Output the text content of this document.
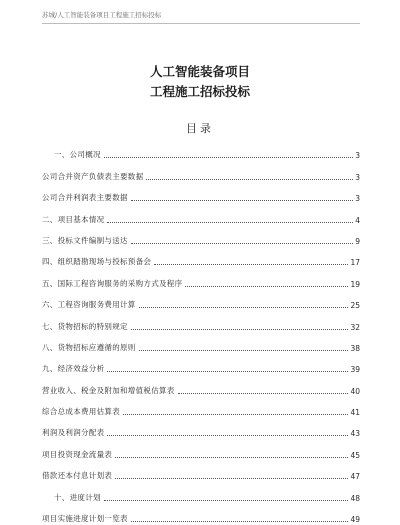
苏城/人工智能装备项目工程施工招标投标
人工智能装备项目
工程施工招标投标
目录
一、公司概况	3
公司合并资产负债表主要数据	3
公司合并利润表主要数据	3
二、项目基本情况	4
三、投标文件编制与送达	9
四、组织踏勘现场与投标预备会	17
五、国际工程咨询服务的采购方式及程序	19
六、工程咨询服务费用计算	25
七、货物招标的特别规定	32
八、货物招标应遵循的原则	38
九、经济效益分析	39
营业收入、税金及附加和增值税估算表	40
综合总成本费用估算表	41
利润及利润分配表	43
项目投资现金流量表	45
借款还本付息计划表	47
十、进度计划	48
项目实施进度计划一览表	49
